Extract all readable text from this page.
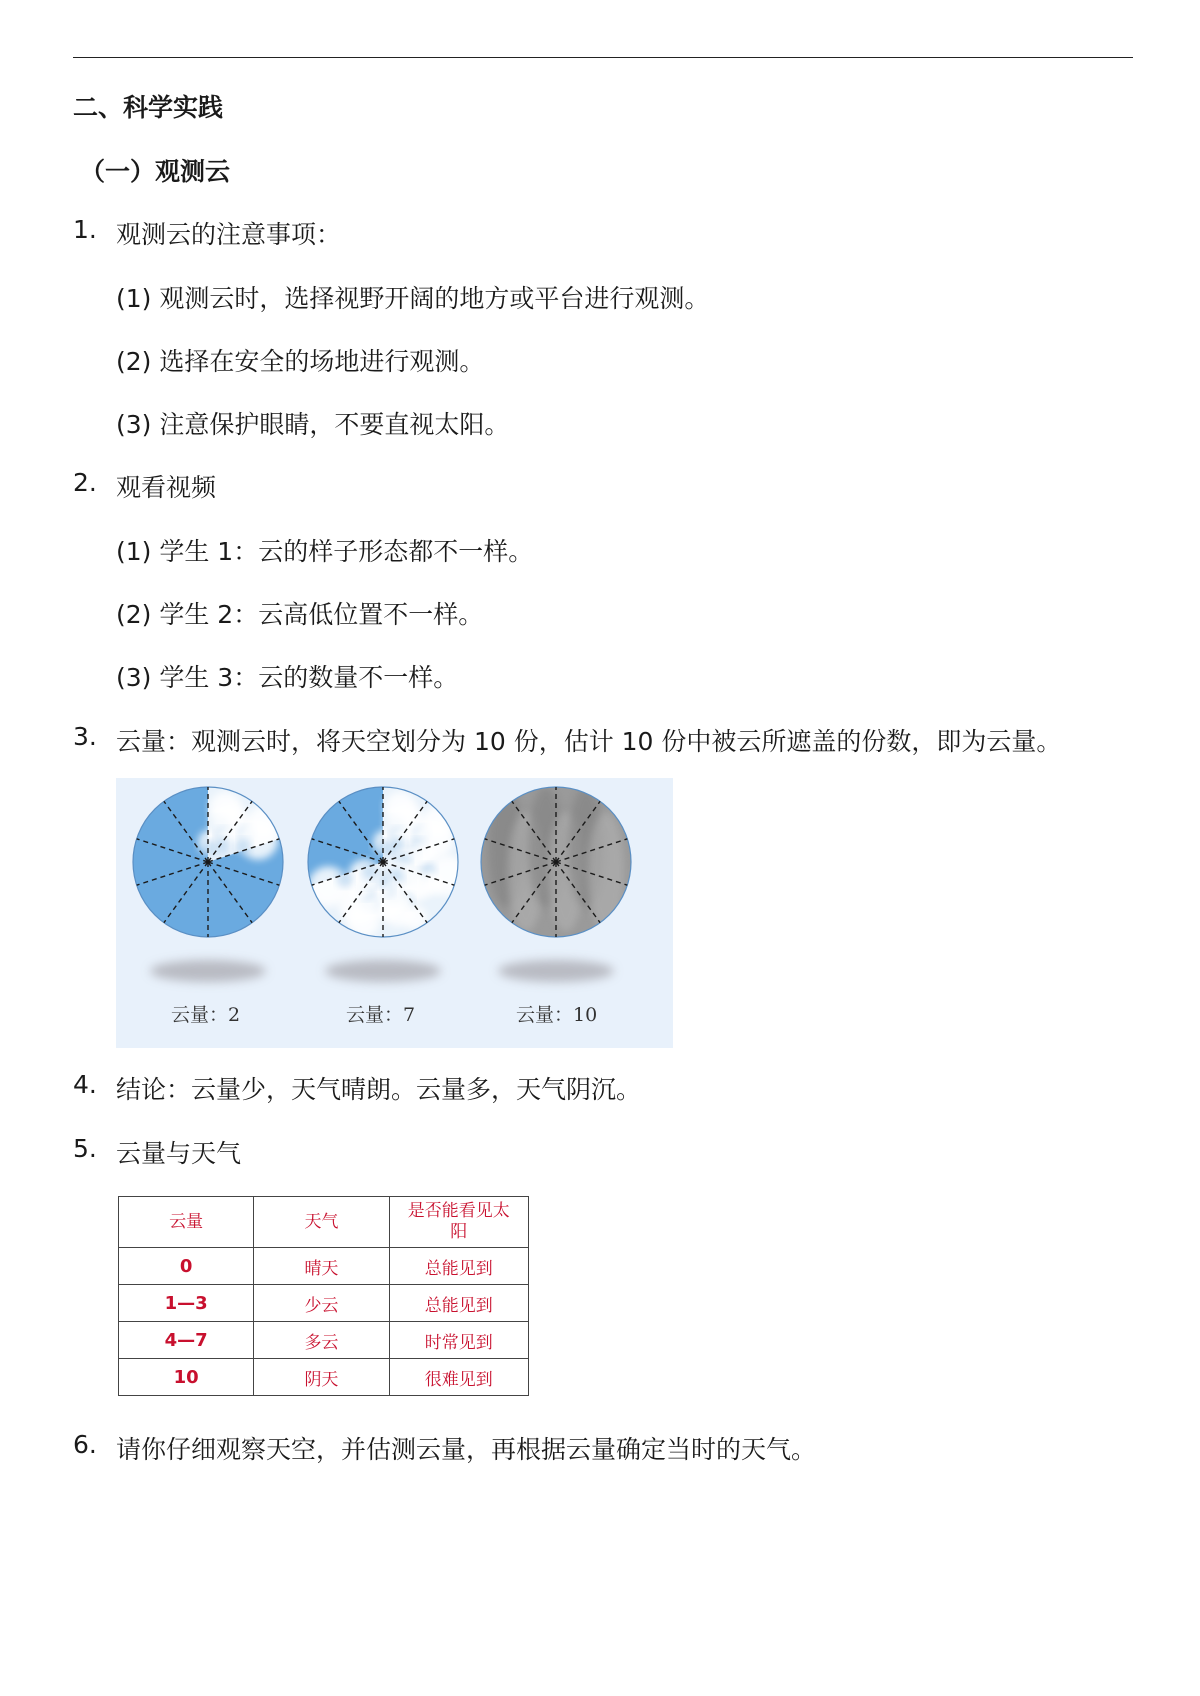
二、科学实践
（一）观测云
1. 观测云的注意事项：
(1) 观测云时，选择视野开阔的地方或平台进行观测。
(2) 选择在安全的场地进行观测。
(3) 注意保护眼睛，不要直视太阳。
2. 观看视频
(1) 学生 1：云的样子形态都不一样。
(2) 学生 2：云高低位置不一样。
(3) 学生 3：云的数量不一样。
3. 云量：观测云时，将天空划分为 10 份，估计 10 份中被云所遮盖的份数，即为云量。
云量：2	云量：7	云量：10
4. 结论：云量少，天气晴朗。云量多，天气阴沉。
5. 云量与天气
云量	天气	是否能看见太阳
0	晴天	总能见到
1—3	少云	总能见到
4—7	多云	时常见到
10	阴天	很难见到
6. 请你仔细观察天空，并估测云量，再根据云量确定当时的天气。
